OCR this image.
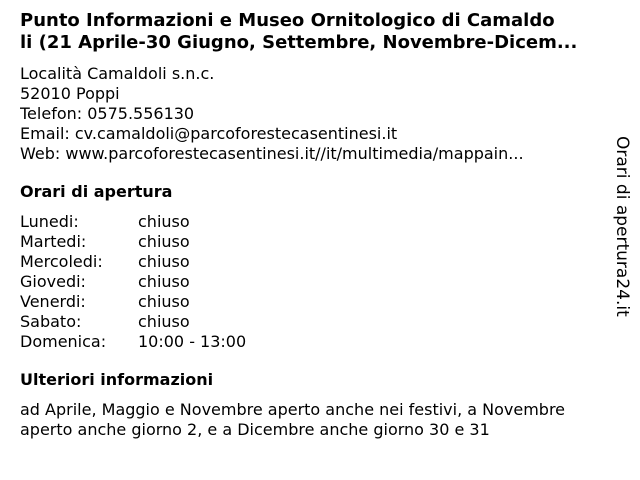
Punto Informazioni e Museo Ornitologico di Camaldo
li (21 Aprile-30 Giugno, Settembre, Novembre-Dicem...
Località Camaldoli s.n.c.
52010 Poppi
Telefon: 0575.556130
Email: cv.camaldoli@parcoforestecasentinesi.it
Web: www.parcoforestecasentinesi.it//it/multimedia/mappain...
Orari di apertura
Lunedi:	chiuso
Martedi:	chiuso
Mercoledi:	chiuso
Giovedi:	chiuso
Venerdi:	chiuso
Sabato:	chiuso
Domenica:	10:00 - 13:00
Ulteriori informazioni
ad Aprile, Maggio e Novembre aperto anche nei festivi, a Novembre aperto anche giorno 2, e a Dicembre anche giorno 30 e 31
Orari di apertura24.it
